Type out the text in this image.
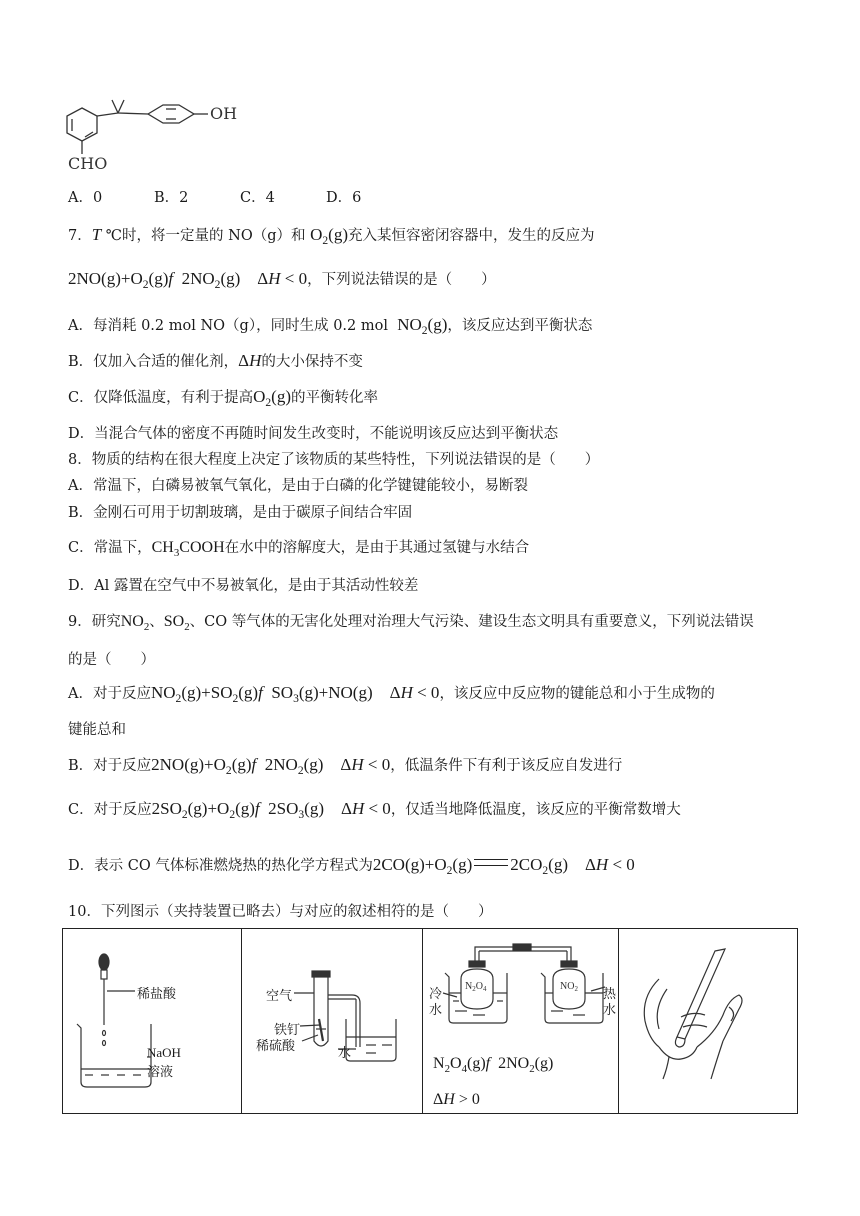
OH
CHO
A．0	B．2	C．4	D．6
7．T ℃时，将一定量的 NO（g）和 $O_2(g)$充入某恒容密闭容器中，发生的反应为
$2NO(g)+O_2(g)f$  $2NO_2(g)$    ΔH < 0，下列说法错误的是（　　）
A．每消耗 0.2 mol NO（g），同时生成 0.2 mol $NO_2(g)$，该反应达到平衡状态
B．仅加入合适的催化剂，ΔH的大小保持不变
C．仅降低温度，有利于提高$O_2(g)$的平衡转化率
D．当混合气体的密度不再随时间发生改变时，不能说明该反应达到平衡状态
8．物质的结构在很大程度上决定了该物质的某些特性，下列说法错误的是（　　）
A．常温下，白磷易被氧气氧化，是由于白磷的化学键键能较小，易断裂
B．金刚石可用于切割玻璃，是由于碳原子间结合牢固
C．常温下，$CH_3COOH$在水中的溶解度大，是由于其通过氢键与水结合
D．Al 露置在空气中不易被氧化，是由于其活动性较差
9．研究$NO_2$、$SO_2$、CO 等气体的无害化处理对治理大气污染、建设生态文明具有重要意义，下列说法错误
的是（　　）
A．对于反应$NO_2(g)+SO_2(g)f$  $SO_3(g)+NO(g)$    ΔH < 0，该反应中反应物的键能总和小于生成物的
键能总和
B．对于反应$2NO(g)+O_2(g)f$  $2NO_2(g)$    ΔH < 0，低温条件下有利于该反应自发进行
C．对于反应$2SO_2(g)+O_2(g)f$  $2SO_3(g)$    ΔH < 0，仅适当地降低温度，该反应的平衡常数增大
D．表示 CO 气体标准燃烧热的热化学方程式为$2CO(g)+O_2(g)$ $2CO_2(g)$    ΔH < 0
10．下列图示（夹持装置已略去）与对应的叙述相符的是（　　）
稀盐酸
NaOH
溶液

空气
铁钉
稀硫酸	水

$N_2O_4$	$NO_2$
冷
水
热
水
$N_2O_4(g)f$  $2NO_2(g)$
ΔH > 0
